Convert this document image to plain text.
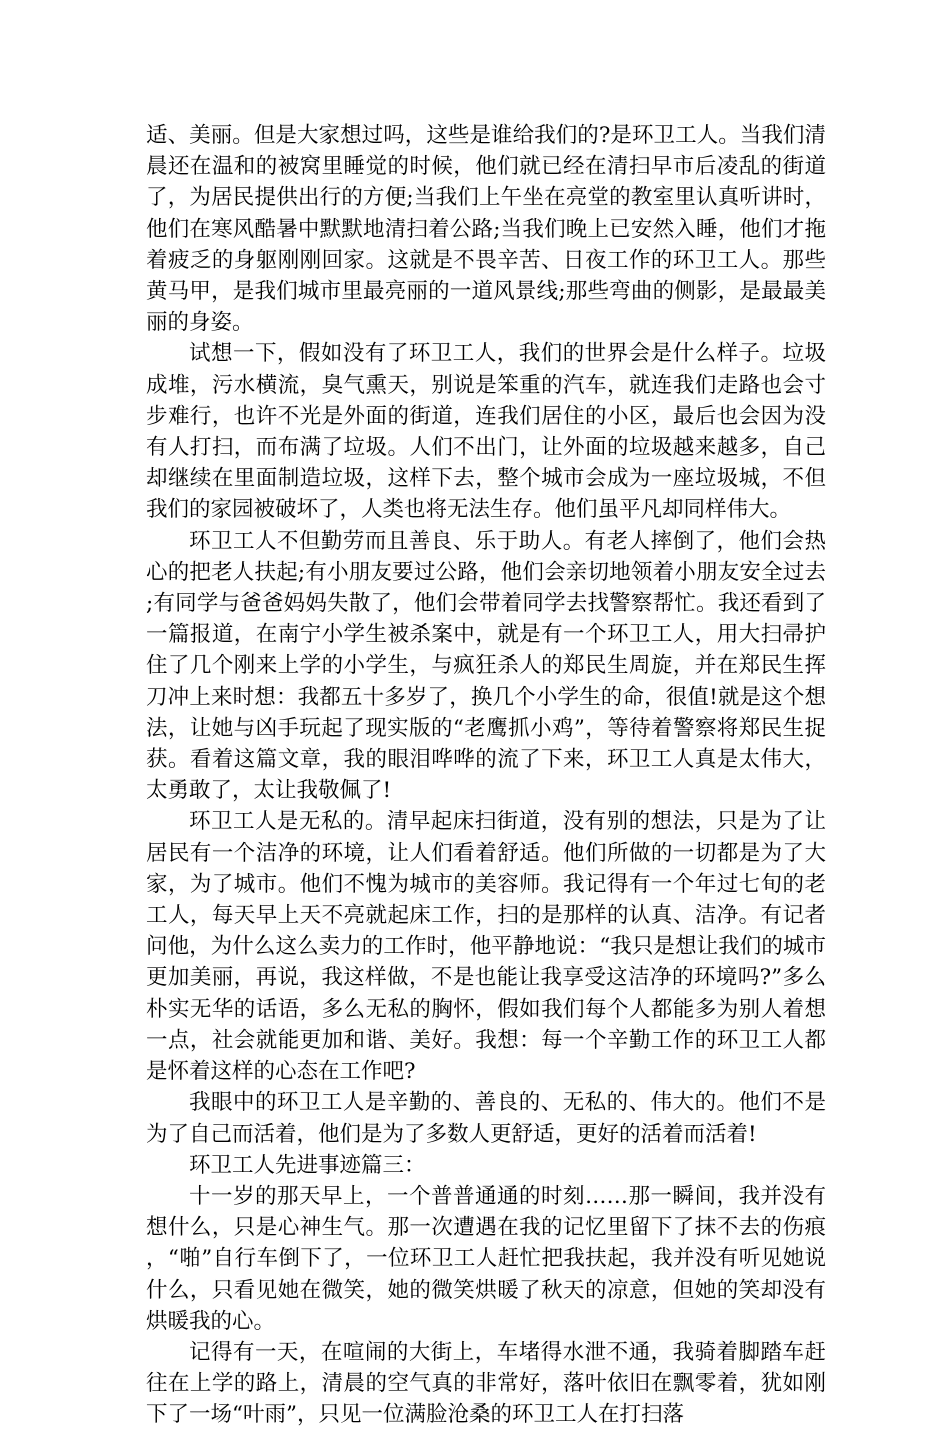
适、美丽。但是大家想过吗，这些是谁给我们的?是环卫工人。当我们清晨还在温和的被窝里睡觉的时候，他们就已经在清扫早市后凌乱的街道了，为居民提供出行的方便;当我们上午坐在亮堂的教室里认真听讲时，他们在寒风酷暑中默默地清扫着公路;当我们晚上已安然入睡，他们才拖着疲乏的身躯刚刚回家。这就是不畏辛苦、日夜工作的环卫工人。那些黄马甲，是我们城市里最亮丽的一道风景线;那些弯曲的侧影，是最最美丽的身姿。

试想一下，假如没有了环卫工人，我们的世界会是什么样子。垃圾成堆，污水横流，臭气熏天，别说是笨重的汽车，就连我们走路也会寸步难行，也许不光是外面的街道，连我们居住的小区，最后也会因为没有人打扫，而布满了垃圾。人们不出门，让外面的垃圾越来越多，自己却继续在里面制造垃圾，这样下去，整个城市会成为一座垃圾城，不但我们的家园被破坏了，人类也将无法生存。他们虽平凡却同样伟大。

环卫工人不但勤劳而且善良、乐于助人。有老人摔倒了，他们会热心的把老人扶起;有小朋友要过公路，他们会亲切地领着小朋友安全过去;有同学与爸爸妈妈失散了，他们会带着同学去找警察帮忙。我还看到了一篇报道，在南宁小学生被杀案中，就是有一个环卫工人，用大扫帚护住了几个刚来上学的小学生，与疯狂杀人的郑民生周旋，并在郑民生挥刀冲上来时想：我都五十多岁了，换几个小学生的命，很值!就是这个想法，让她与凶手玩起了现实版的“老鹰抓小鸡”，等待着警察将郑民生捉获。看着这篇文章，我的眼泪哗哗的流了下来，环卫工人真是太伟大，太勇敢了，太让我敬佩了!

环卫工人是无私的。清早起床扫街道，没有别的想法，只是为了让居民有一个洁净的环境，让人们看着舒适。他们所做的一切都是为了大家，为了城市。他们不愧为城市的美容师。我记得有一个年过七旬的老工人，每天早上天不亮就起床工作，扫的是那样的认真、洁净。有记者问他，为什么这么卖力的工作时，他平静地说：“我只是想让我们的城市更加美丽，再说，我这样做，不是也能让我享受这洁净的环境吗?”多么朴实无华的话语，多么无私的胸怀，假如我们每个人都能多为别人着想一点，社会就能更加和谐、美好。我想：每一个辛勤工作的环卫工人都是怀着这样的心态在工作吧?

我眼中的环卫工人是辛勤的、善良的、无私的、伟大的。他们不是为了自己而活着，他们是为了多数人更舒适，更好的活着而活着!

环卫工人先进事迹篇三：

十一岁的那天早上，一个普普通通的时刻……那一瞬间，我并没有想什么，只是心神生气。那一次遭遇在我的记忆里留下了抹不去的伤痕，“啪”自行车倒下了，一位环卫工人赶忙把我扶起，我并没有听见她说什么，只看见她在微笑，她的微笑烘暖了秋天的凉意，但她的笑却没有烘暖我的心。

记得有一天，在喧闹的大街上，车堵得水泄不通，我骑着脚踏车赶往在上学的路上，清晨的空气真的非常好，落叶依旧在飘零着，犹如刚下了一场“叶雨”，只见一位满脸沧桑的环卫工人在打扫落
